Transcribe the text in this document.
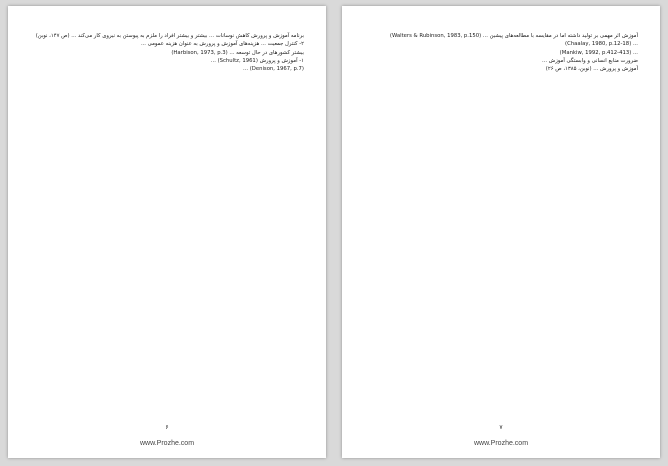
برنامه آموزش و پرورش کاهش نوسانات ... بیشتر و بیشتر افراد را ملزم به پیوستن به نیروی کار می‌کند ... (ص ۱۴۷، نوبن)

۲- کنترل جمعیت ... هزینه‌های آموزش و پرورش به عنوان هزینه عمومی ...

بیشتر کشورهای در حال توسعه ... (Harbison, 1973, p.3)

۱- آموزش و پرورش (Schultz, 1961) ...

(Denison, 1967, p.7) ...

۶
www.Prozhe.com

آموزش اثر مهمی بر تولید داشته اما در مقایسه با مطالعه‌های پیشین ... (Walters & Rubinson, 1983, p.150)

... (Chaalay, 1980, p.12-18)

... (Mankiw, 1992, p.412-413)

ضرورت منابع انسانی و وابستگی آموزش ...

آموزش و پرورش ... (نوبن، ۱۳۸۵، ص ۲۶)

۷
www.Prozhe.com
